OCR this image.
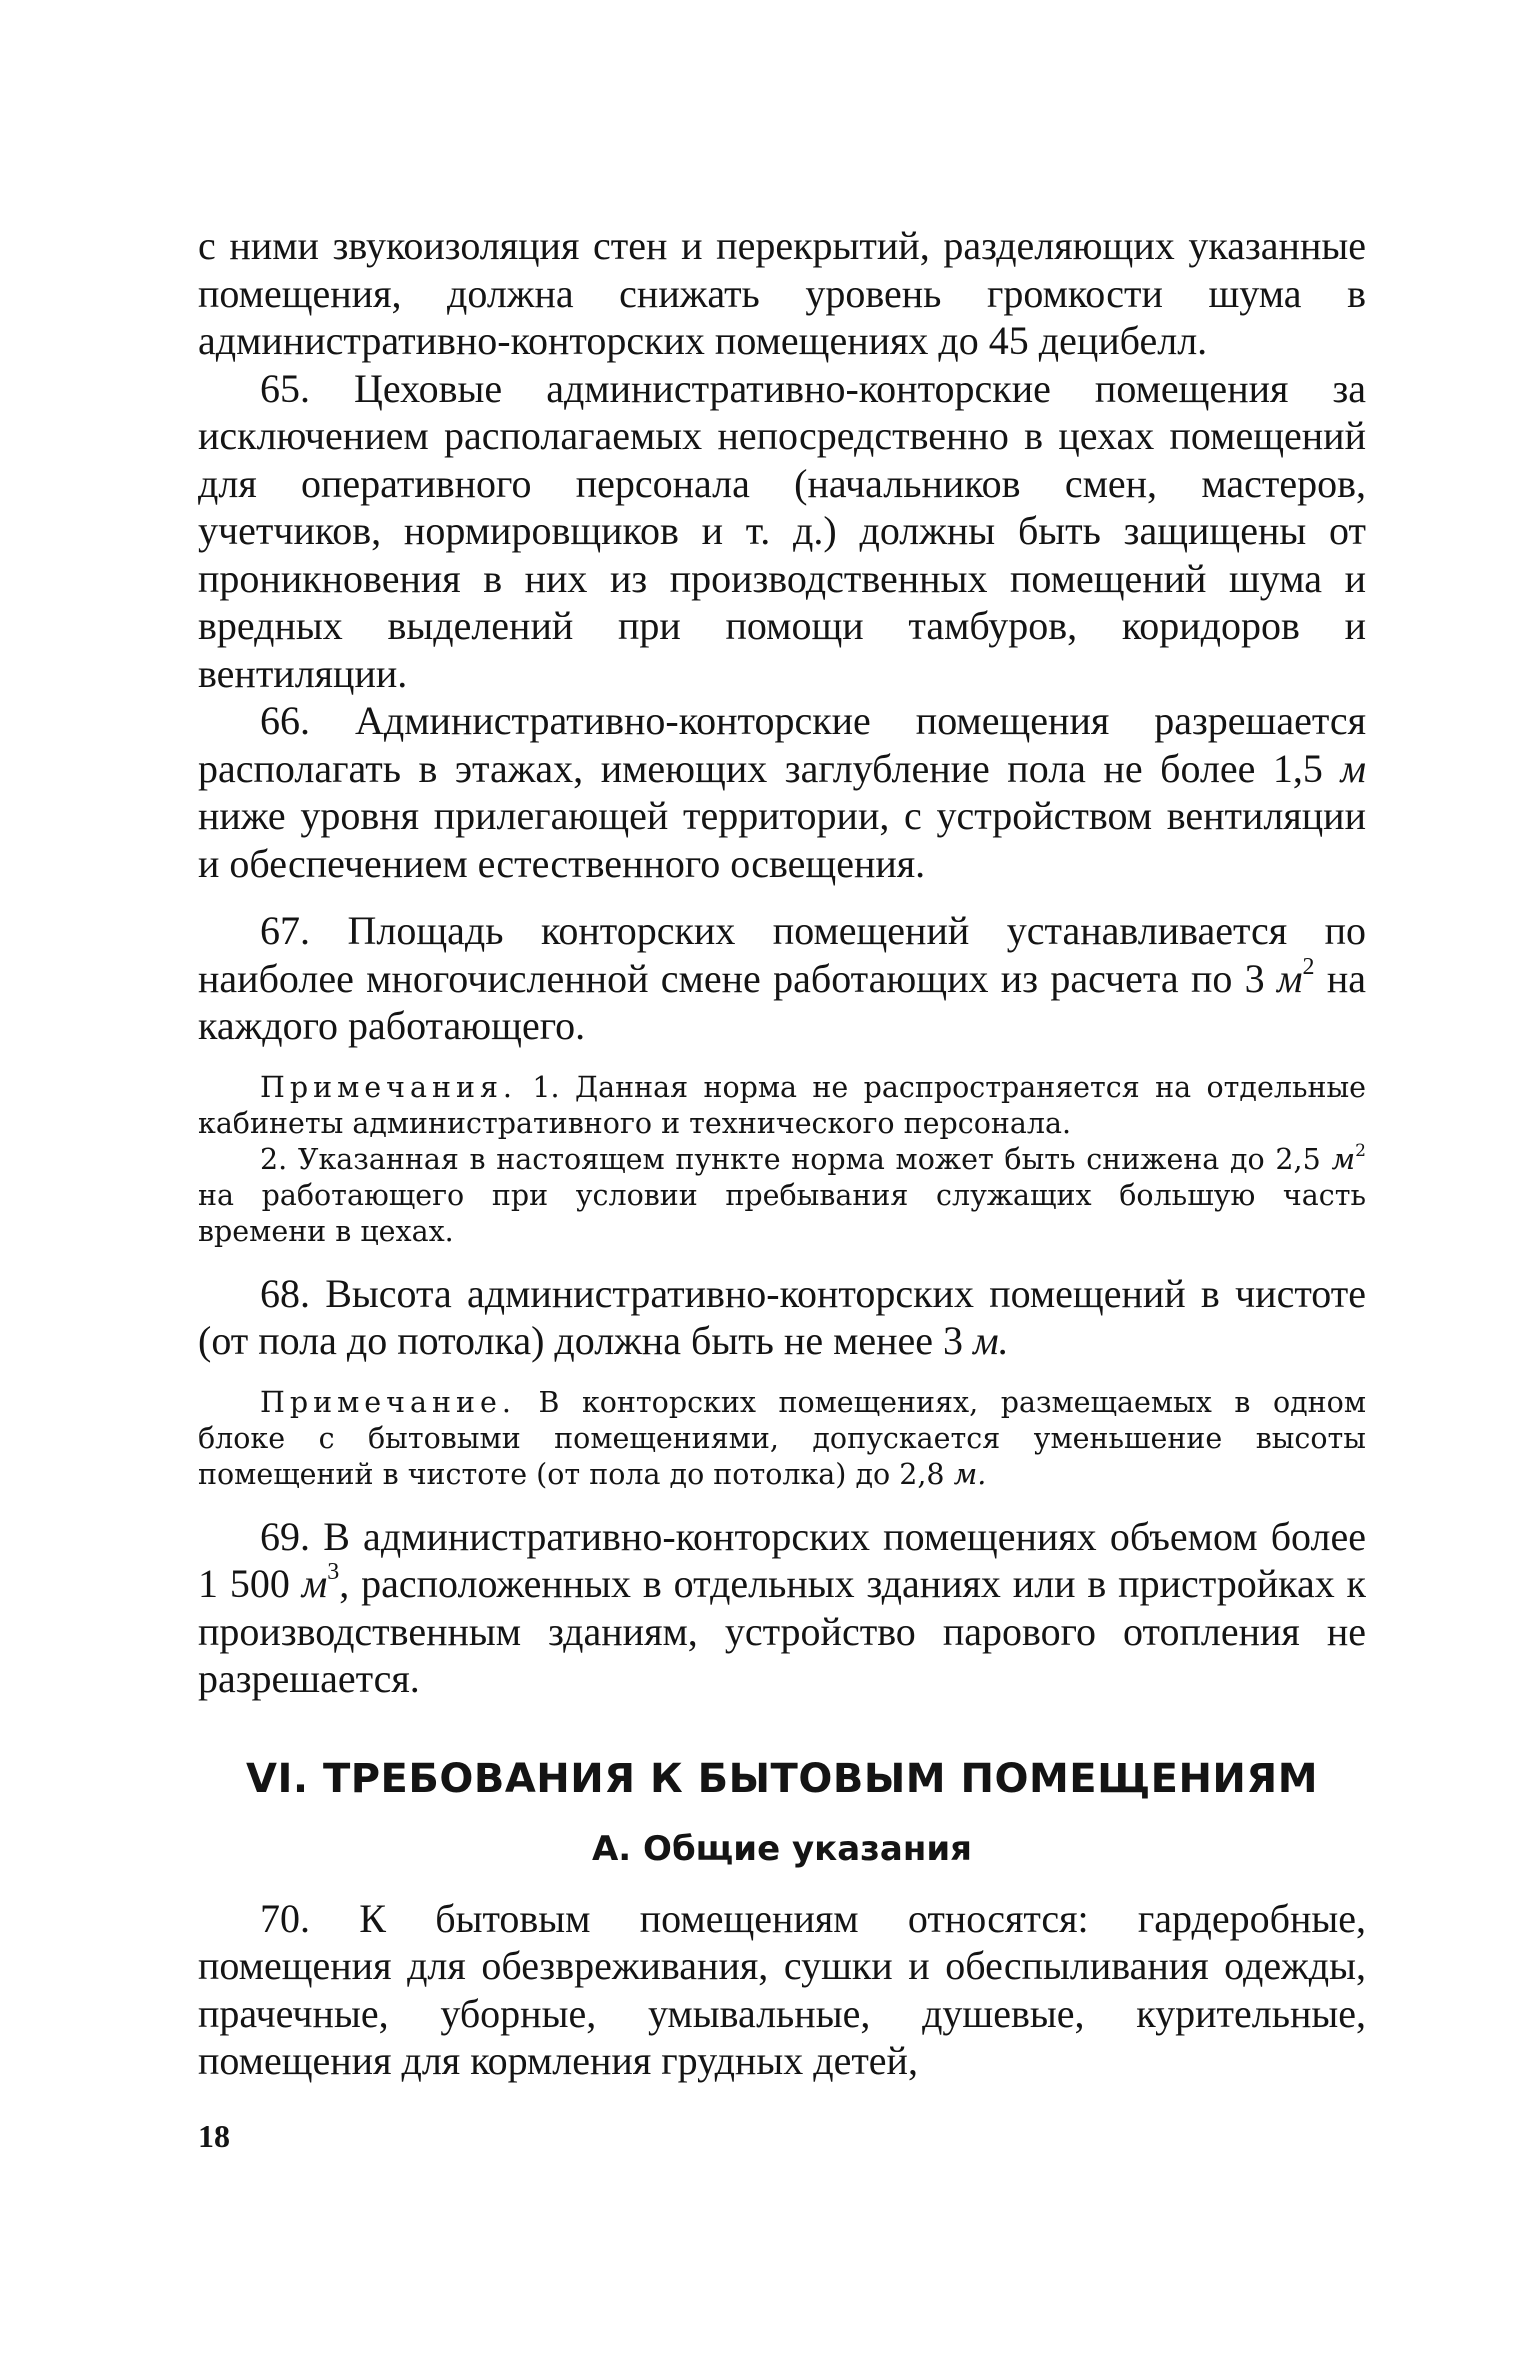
с ними звукоизоляция стен и перекрытий, разделяющих указанные помещения, должна снижать уровень громкости шума в административно-конторских помещениях до 45 децибелл.

65. Цеховые административно-конторские помещения за исключением располагаемых непосредственно в цехах помещений для оперативного персонала (начальников смен, мастеров, учетчиков, нормировщиков и т. д.) должны быть защищены от проникновения в них из производственных помещений шума и вредных выделений при помощи тамбуров, коридоров и вентиляции.

66. Административно-конторские помещения разрешается располагать в этажах, имеющих заглубление пола не более 1,5 м ниже уровня прилегающей территории, с устройством вентиляции и обеспечением естественного освещения.

67. Площадь конторских помещений устанавливается по наиболее многочисленной смене работающих из расчета по 3 $м^2$ на каждого работающего.

Примечания. 1. Данная норма не распространяется на отдельные кабинеты административного и технического персонала.

2. Указанная в настоящем пункте норма может быть снижена до 2,5 $м^2$ на работающего при условии пребывания служащих большую часть времени в цехах.

68. Высота административно-конторских помещений в чистоте (от пола до потолка) должна быть не менее 3 м.

Примечание. В конторских помещениях, размещаемых в одном блоке с бытовыми помещениями, допускается уменьшение высоты помещений в чистоте (от пола до потолка) до 2,8 м.

69. В административно-конторских помещениях объемом более 1 500 $м^3$, расположенных в отдельных зданиях или в пристройках к производственным зданиям, устройство парового отопления не разрешается.

VI. ТРЕБОВАНИЯ К БЫТОВЫМ ПОМЕЩЕНИЯМ
А. Общие указания

70. К бытовым помещениям относятся: гардеробные, помещения для обезвреживания, сушки и обеспыливания одежды, прачечные, уборные, умывальные, душевые, курительные, помещения для кормления грудных детей,

18
